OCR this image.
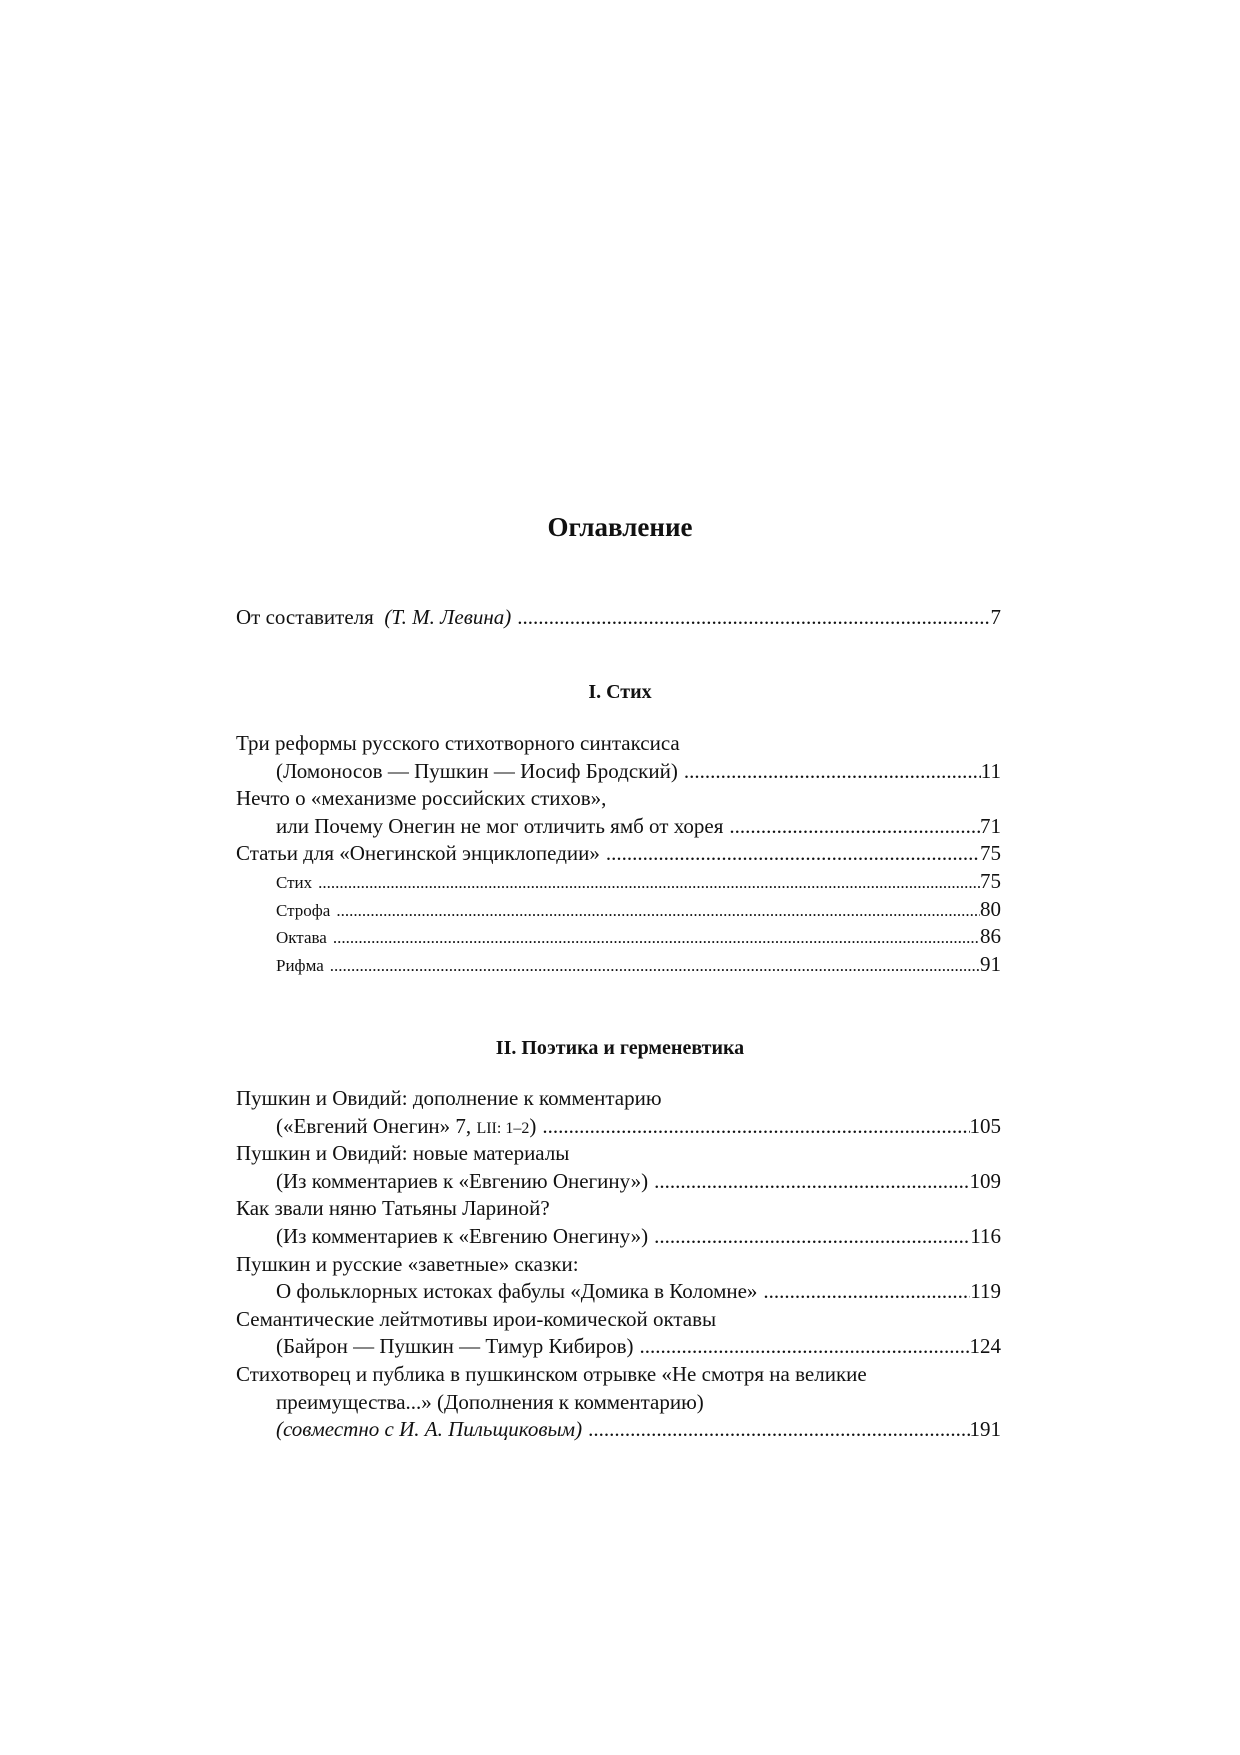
Оглавление
От составителя (Т. М. Левина) .....	7
I. Стих
Три реформы русского стихотворного синтаксиса
(Ломоносов — Пушкин — Иосиф Бродский) .....	11
Нечто о «механизме российских стихов»,
или Почему Онегин не мог отличить ямб от хорея .....	71
Статьи для «Онегинской энциклопедии» .....	75
Стих .....	75
Строфа .....	80
Октава .....	86
Рифма .....	91
II. Поэтика и герменевтика
Пушкин и Овидий: дополнение к комментарию
(«Евгений Онегин» 7, LII: 1–2) .....	105
Пушкин и Овидий: новые материалы
(Из комментариев к «Евгению Онегину») .....	109
Как звали няню Татьяны Лариной?
(Из комментариев к «Евгению Онегину») .....	116
Пушкин и русские «заветные» сказки:
О фольклорных истоках фабулы «Домика в Коломне» .....	119
Семантические лейтмотивы ирои-комической октавы
(Байрон — Пушкин — Тимур Кибиров) .....	124
Стихотворец и публика в пушкинском отрывке «Не смотря на великие
преимущества...» (Дополнения к комментарию)
(совместно с И. А. Пильщиковым) .....	191
